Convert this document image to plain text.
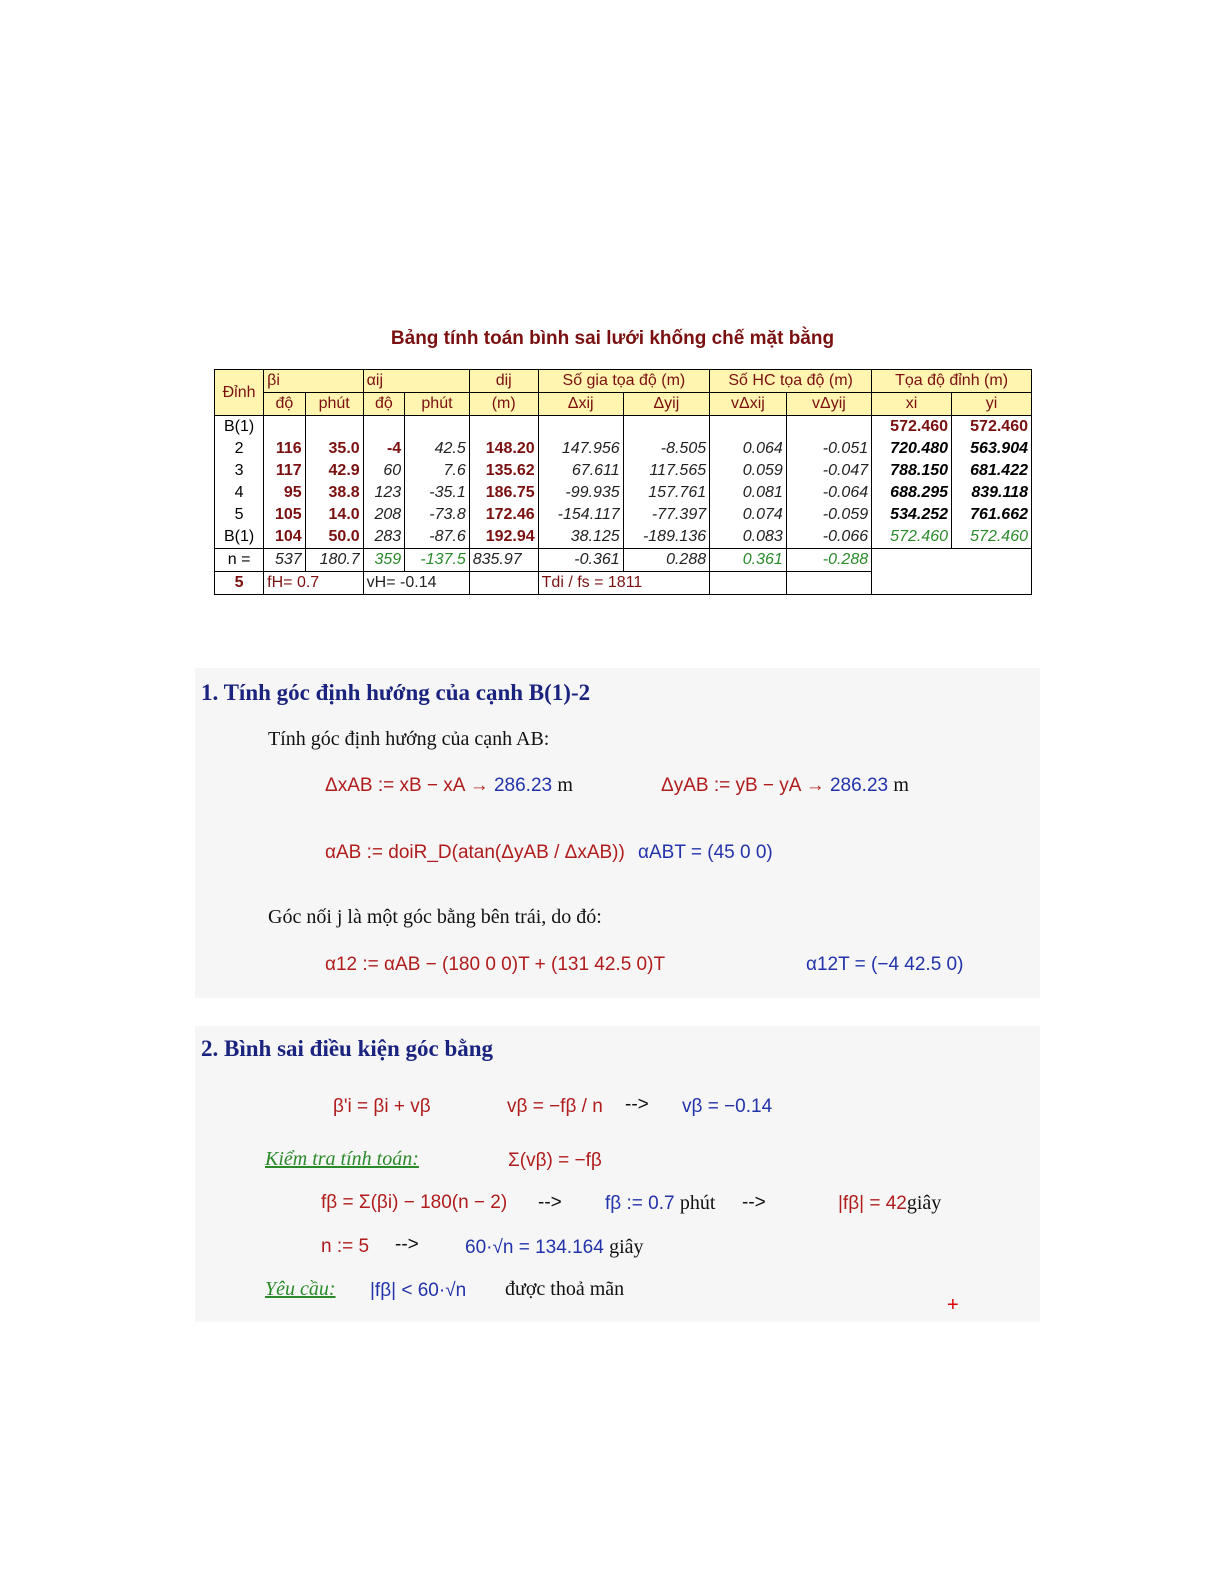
Bảng tính toán bình sai lưới khống chế mặt bằng
Đỉnh	βi		αij		dij	Số gia tọa độ (m)		Số HC tọa độ (m)		Tọa độ đỉnh (m)	
	độ	phút	độ	phút	(m)	Δxij	Δyij	vΔxij	vΔyij	xi	yi
B(1)										572.460	572.460
2	116	35.0	-4	42.5	148.20	147.956	-8.505	0.064	-0.051	720.480	563.904
3	117	42.9	60	7.6	135.62	67.611	117.565	0.059	-0.047	788.150	681.422
4	95	38.8	123	-35.1	186.75	-99.935	157.761	0.081	-0.064	688.295	839.118
5	105	14.0	208	-73.8	172.46	-154.117	-77.397	0.074	-0.059	534.252	761.662
B(1)	104	50.0	283	-87.6	192.94	38.125	-189.136	0.083	-0.066	572.460	572.460
n =	537	180.7	359	-137.5	835.97	-0.361	0.288	0.361	-0.288		
5	fH= 0.7		vH= -0.14			Tdi / fs = 1811					
1. Tính góc định hướng của cạnh B(1)-2
Tính góc định hướng của cạnh AB:
ΔxAB := xB − xA → 286.23 m	ΔyAB := yB − yA → 286.23 m
αAB := doiR_D(atan(ΔyAB / ΔxAB)) αABT = (45 0 0)
Góc nối j là một góc bằng bên trái, do đó:
α12 := αAB − (180 0 0)T + (131 42.5 0)T	α12T = (−4 42.5 0)
2. Bình sai điều kiện góc bằng
β'i = βi + vβ	vβ = −fβ / n --> vβ = −0.14
Kiểm tra tính toán:	Σ(vβ) = −fβ
fβ = Σ(βi) − 180(n − 2) --> fβ := 0.7 phút -->	|fβ| = 42giây
n := 5 --> 60·√n = 134.164 giây
Yêu cầu: |fβ| < 60·√n được thoả mãn
+
